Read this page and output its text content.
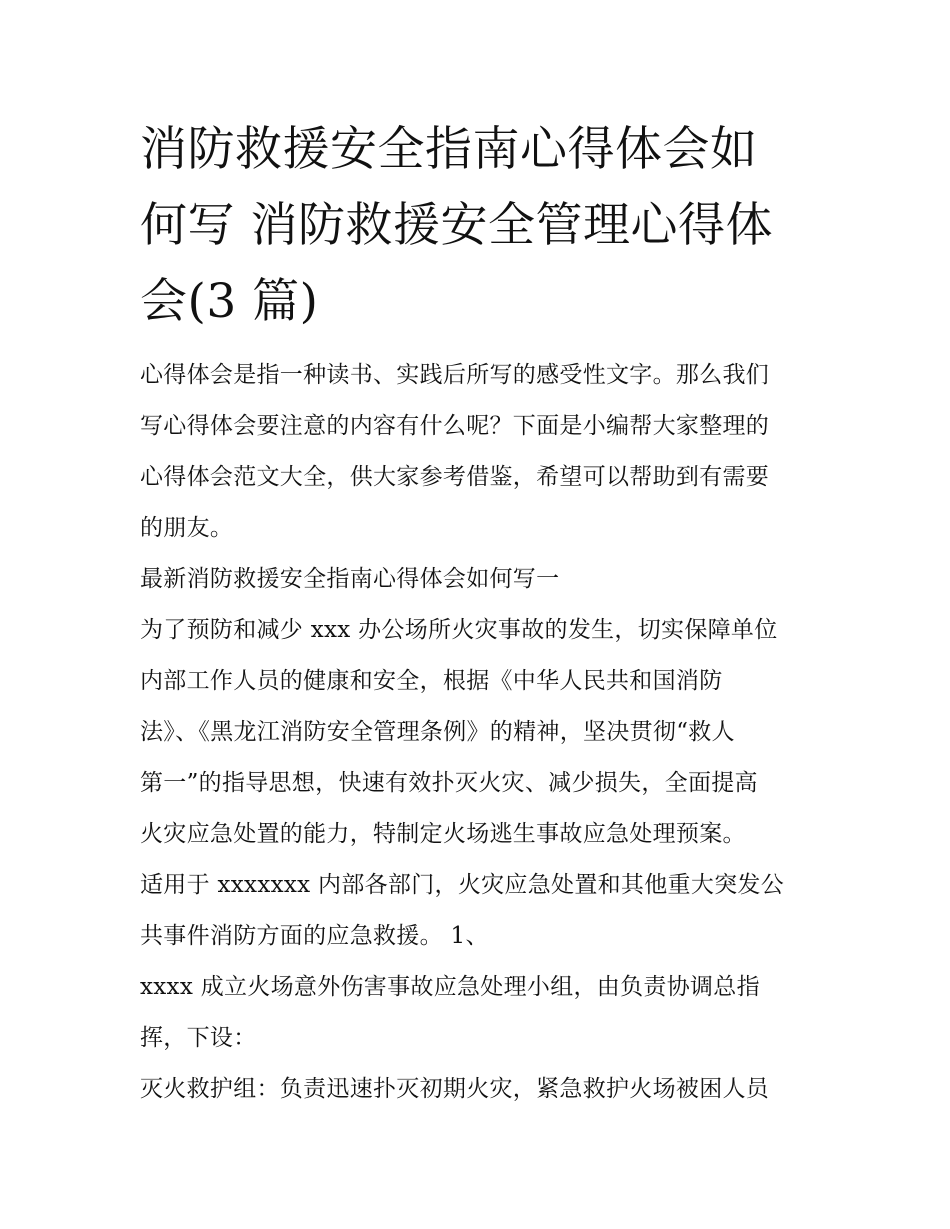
消防救援安全指南心得体会如
何写 消防救援安全管理心得体
会(3 篇)

心得体会是指一种读书、实践后所写的感受性文字。那么我们

写心得体会要注意的内容有什么呢？下面是小编帮大家整理的

心得体会范文大全，供大家参考借鉴，希望可以帮助到有需要

的朋友。

最新消防救援安全指南心得体会如何写一

为了预防和减少 xxx 办公场所火灾事故的发生，切实保障单位

内部工作人员的健康和安全，根据《中华人民共和国消防

法》、《黑龙江消防安全管理条例》的精神，坚决贯彻“救人

第一”的指导思想，快速有效扑灭火灾、减少损失，全面提高

火灾应急处置的能力，特制定火场逃生事故应急处理预案。

适用于 xxxxxxx 内部各部门，火灾应急处置和其他重大突发公

共事件消防方面的应急救援。 1、

xxxx 成立火场意外伤害事故应急处理小组，由负责协调总指

挥，下设：

灭火救护组：负责迅速扑灭初期火灾，紧急救护火场被困人员
